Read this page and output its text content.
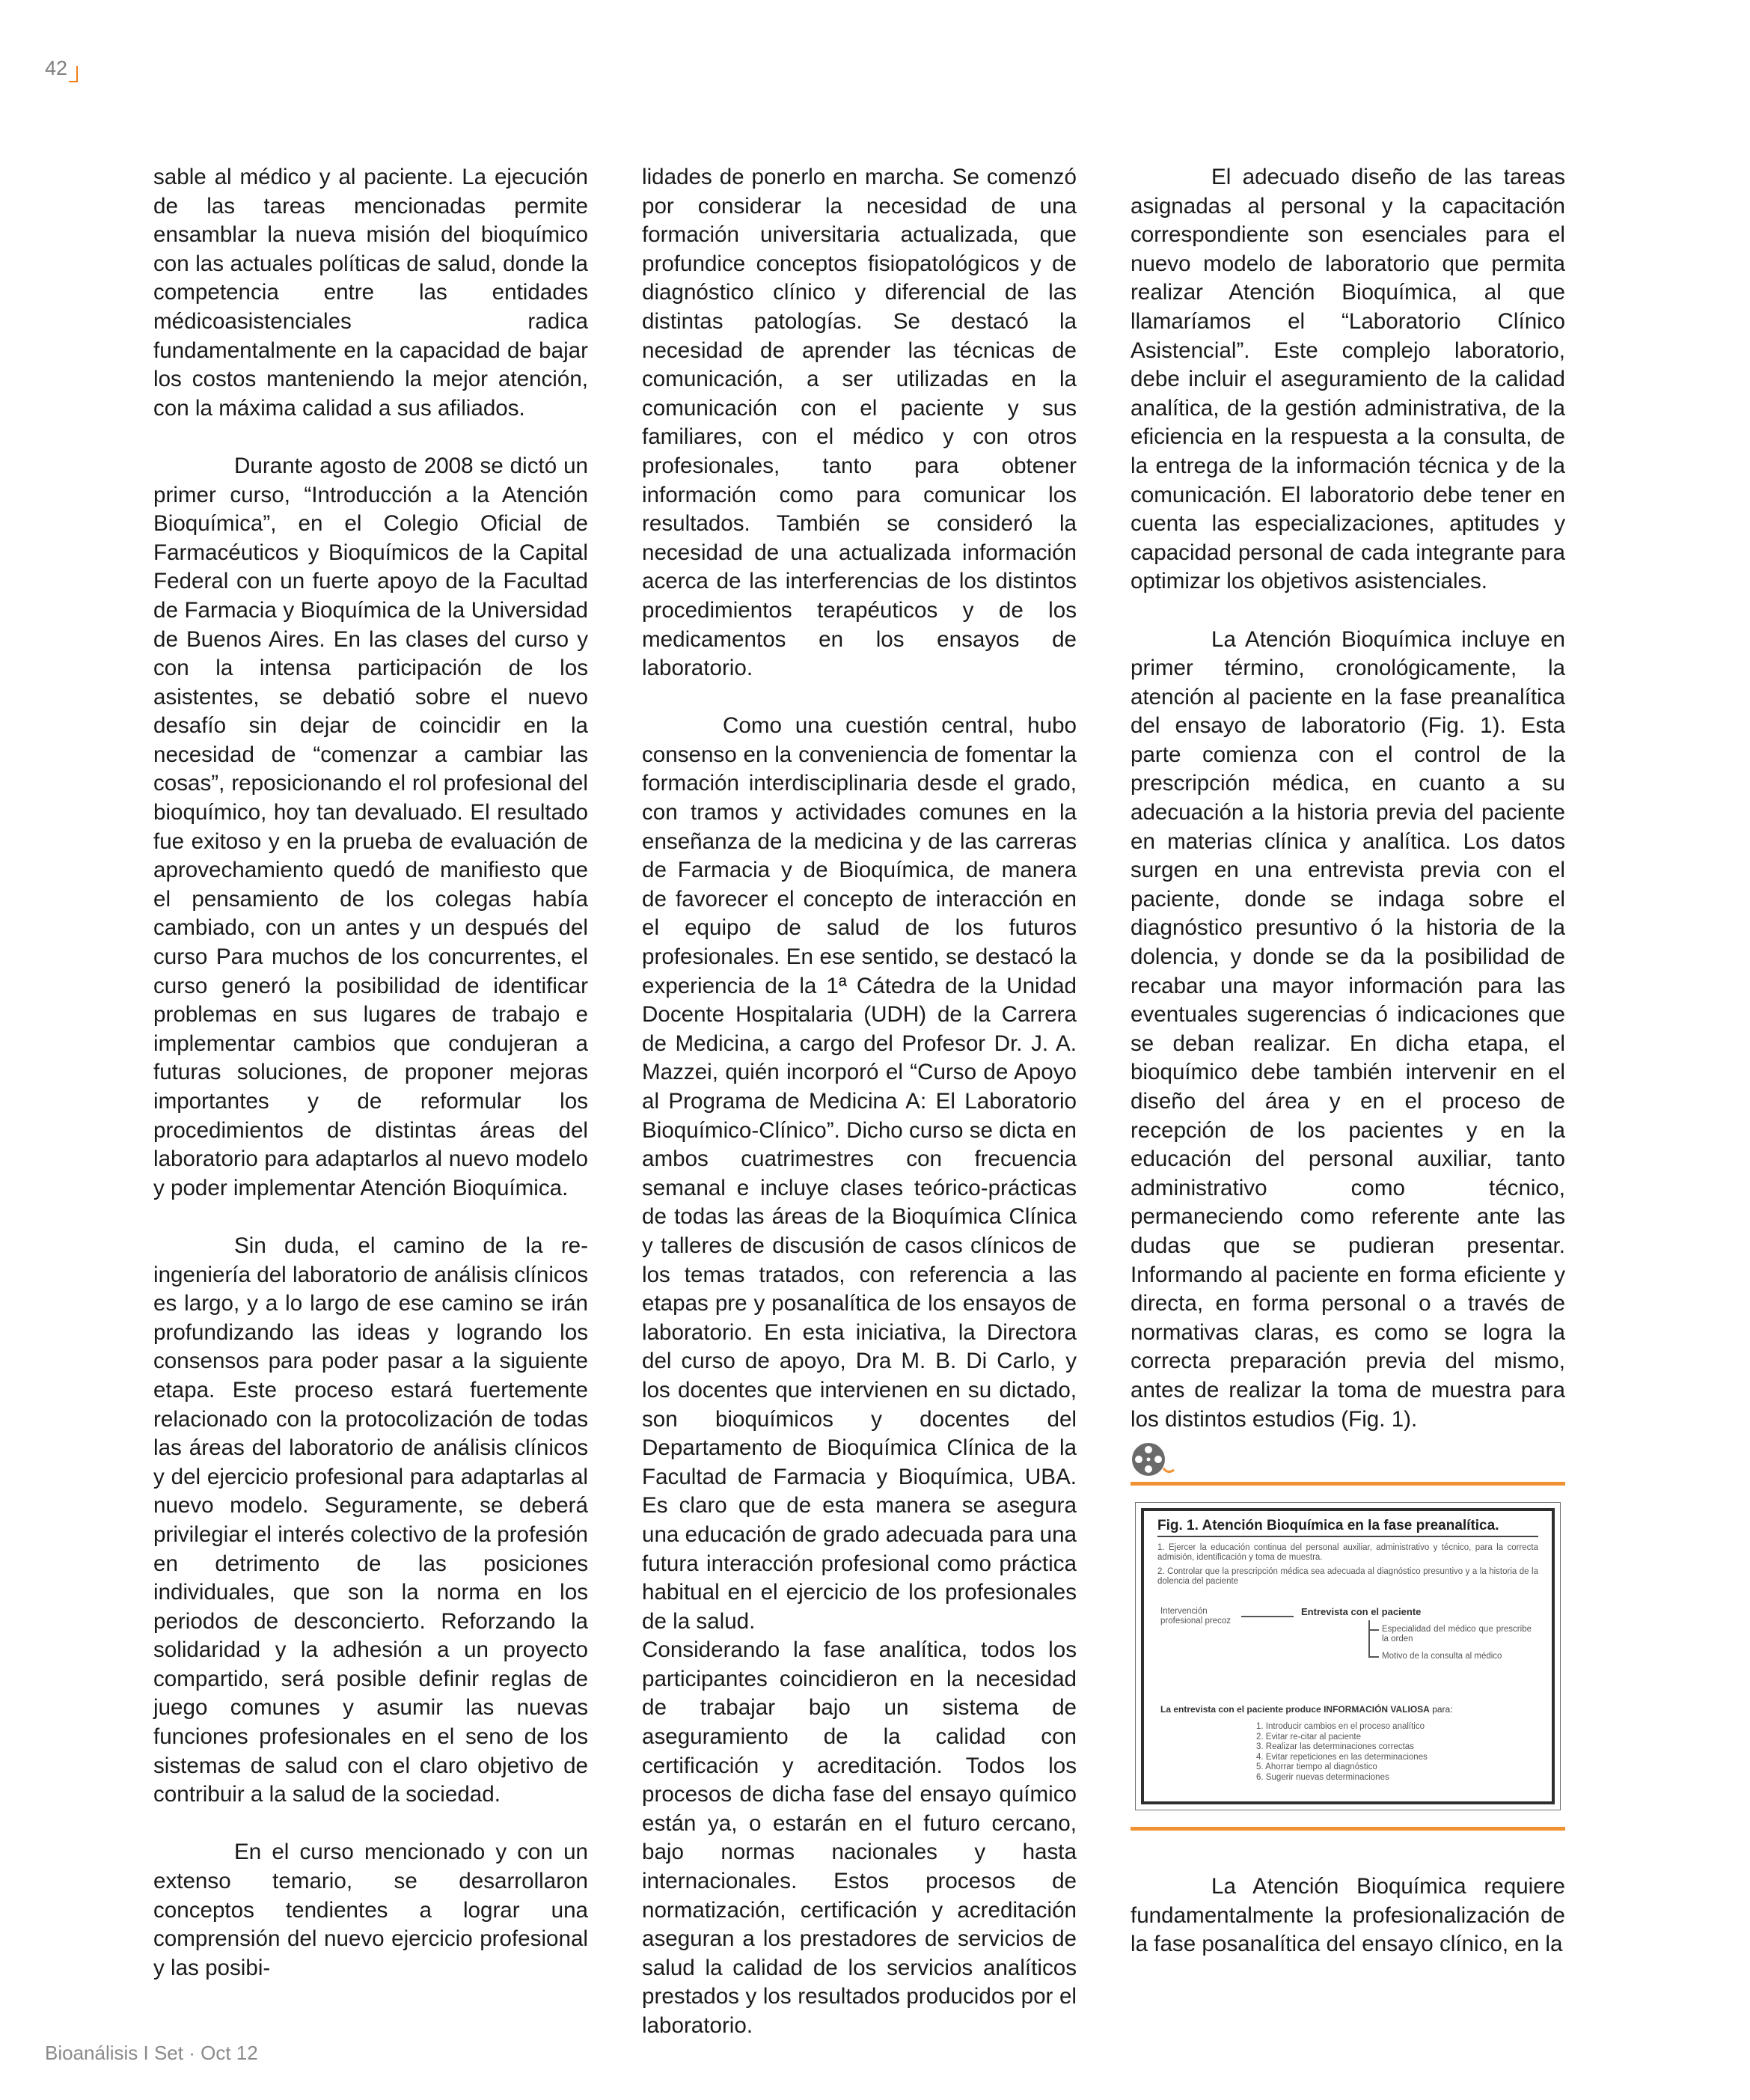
42

sable al médico y al paciente. La ejecución de las tareas mencionadas permite ensamblar la nueva misión del bioquímico con las actuales políticas de salud, donde la competencia entre las entidades médicoasistenciales radica fundamentalmente en la capacidad de bajar los costos manteniendo la mejor atención, con la máxima calidad a sus afiliados.

Durante agosto de 2008 se dictó un primer curso, “Introducción a la Atención Bioquímica”, en el Colegio Oficial de Farmacéuticos y Bioquímicos de la Capital Federal con un fuerte apoyo de la Facultad de Farmacia y Bioquímica de la Universidad de Buenos Aires. En las clases del curso y con la intensa participación de los asistentes, se debatió sobre el nuevo desafío sin dejar de coincidir en la necesidad de “comenzar a cambiar las cosas”, reposicionando el rol profesional del bioquímico, hoy tan devaluado. El resultado fue exitoso y en la prueba de evaluación de aprovechamiento quedó de manifiesto que el pensamiento de los colegas había cambiado, con un antes y un después del curso Para muchos de los concurrentes, el curso generó la posibilidad de identificar problemas en sus lugares de trabajo e implementar cambios que condujeran a futuras soluciones, de proponer mejoras importantes y de reformular los procedimientos de distintas áreas del laboratorio para adaptarlos al nuevo modelo y poder implementar Atención Bioquímica.

Sin duda, el camino de la re-ingeniería del laboratorio de análisis clínicos es largo, y a lo largo de ese camino se irán profundizando las ideas y logrando los consensos para poder pasar a la siguiente etapa. Este proceso estará fuertemente relacionado con la protocolización de todas las áreas del laboratorio de análisis clínicos y del ejercicio profesional para adaptarlas al nuevo modelo. Seguramente, se deberá privilegiar el interés colectivo de la profesión en detrimento de las posiciones individuales, que son la norma en los periodos de desconcierto. Reforzando la solidaridad y la adhesión a un proyecto compartido, será posible definir reglas de juego comunes y asumir las nuevas funciones profesionales en el seno de los sistemas de salud con el claro objetivo de contribuir a la salud de la sociedad.

En el curso mencionado y con un extenso temario, se desarrollaron conceptos tendientes a lograr una comprensión del nuevo ejercicio profesional y las posibi-

lidades de ponerlo en marcha. Se comenzó por considerar la necesidad de una formación universitaria actualizada, que profundice conceptos fisiopatológicos y de diagnóstico clínico y diferencial de las distintas patologías. Se destacó la necesidad de aprender las técnicas de comunicación, a ser utilizadas en la comunicación con el paciente y sus familiares, con el médico y con otros profesionales, tanto para obtener información como para comunicar los resultados. También se consideró la necesidad de una actualizada información acerca de las interferencias de los distintos procedimientos terapéuticos y de los medicamentos en los ensayos de laboratorio.

Como una cuestión central, hubo consenso en la conveniencia de fomentar la formación interdisciplinaria desde el grado, con tramos y actividades comunes en la enseñanza de la medicina y de las carreras de Farmacia y de Bioquímica, de manera de favorecer el concepto de interacción en el equipo de salud de los futuros profesionales. En ese sentido, se destacó la experiencia de la 1ª Cátedra de la Unidad Docente Hospitalaria (UDH) de la Carrera de Medicina, a cargo del Profesor Dr. J. A. Mazzei, quién incorporó el “Curso de Apoyo al Programa de Medicina A: El Laboratorio Bioquímico-Clínico”. Dicho curso se dicta en ambos cuatrimestres con frecuencia semanal e incluye clases teórico-prácticas de todas las áreas de la Bioquímica Clínica y talleres de discusión de casos clínicos de los temas tratados, con referencia a las etapas pre y posanalítica de los ensayos de laboratorio. En esta iniciativa, la Directora del curso de apoyo, Dra M. B. Di Carlo, y los docentes que intervienen en su dictado, son bioquímicos y docentes del Departamento de Bioquímica Clínica de la Facultad de Farmacia y Bioquímica, UBA. Es claro que de esta manera se asegura una educación de grado adecuada para una futura interacción profesional como práctica habitual en el ejercicio de los profesionales de la salud.

Considerando la fase analítica, todos los participantes coincidieron en la necesidad de trabajar bajo un sistema de aseguramiento de la calidad con certificación y acreditación. Todos los procesos de dicha fase del ensayo químico están ya, o estarán en el futuro cercano, bajo normas nacionales y hasta internacionales. Estos procesos de normatización, certificación y acreditación aseguran a los prestadores de servicios de salud la calidad de los servicios analíticos prestados y los resultados producidos por el laboratorio.

El adecuado diseño de las tareas asignadas al personal y la capacitación correspondiente son esenciales para el nuevo modelo de laboratorio que permita realizar Atención Bioquímica, al que llamaríamos el “Laboratorio Clínico Asistencial”. Este complejo laboratorio, debe incluir el aseguramiento de la calidad analítica, de la gestión administrativa, de la eficiencia en la respuesta a la consulta, de la entrega de la información técnica y de la comunicación. El laboratorio debe tener en cuenta las especializaciones, aptitudes y capacidad personal de cada integrante para optimizar los objetivos asistenciales.

La Atención Bioquímica incluye en primer término, cronológicamente, la atención al paciente en la fase preanalítica del ensayo de laboratorio (Fig. 1). Esta parte comienza con el control de la prescripción médica, en cuanto a su adecuación a la historia previa del paciente en materias clínica y analítica. Los datos surgen en una entrevista previa con el paciente, donde se indaga sobre el diagnóstico presuntivo ó la historia de la dolencia, y donde se da la posibilidad de recabar una mayor información para las eventuales sugerencias ó indicaciones que se deban realizar. En dicha etapa, el bioquímico debe también intervenir en el diseño del área y en el proceso de recepción de los pacientes y en la educación del personal auxiliar, tanto administrativo como técnico, permaneciendo como referente ante las dudas que se pudieran presentar. Informando al paciente en forma eficiente y directa, en forma personal o a través de normativas claras, es como se logra la correcta preparación previa del mismo, antes de realizar la toma de muestra para los distintos estudios (Fig. 1).

Fig. 1. Atención Bioquímica en la fase preanalítica.
1. Ejercer la educación continua del personal auxiliar, administrativo y técnico, para la correcta admisión, identificación y toma de muestra.
2. Controlar que la prescripción médica sea adecuada al diagnóstico presuntivo y a la historia de la dolencia del paciente
Intervención profesional precoz
Entrevista con el paciente
Especialidad del médico que prescribe la orden
Motivo de la consulta al médico
La entrevista con el paciente produce INFORMACIÓN VALIOSA para:
1. Introducir cambios en el proceso analítico
2. Evitar re-citar al paciente
3. Realizar las determinaciones correctas
4. Evitar repeticiones en las determinaciones
5. Ahorrar tiempo al diagnóstico
6. Sugerir nuevas determinaciones

La Atención Bioquímica requiere fundamentalmente la profesionalización de la fase posanalítica del ensayo clínico, en la

Bioanálisis I Set · Oct 12
